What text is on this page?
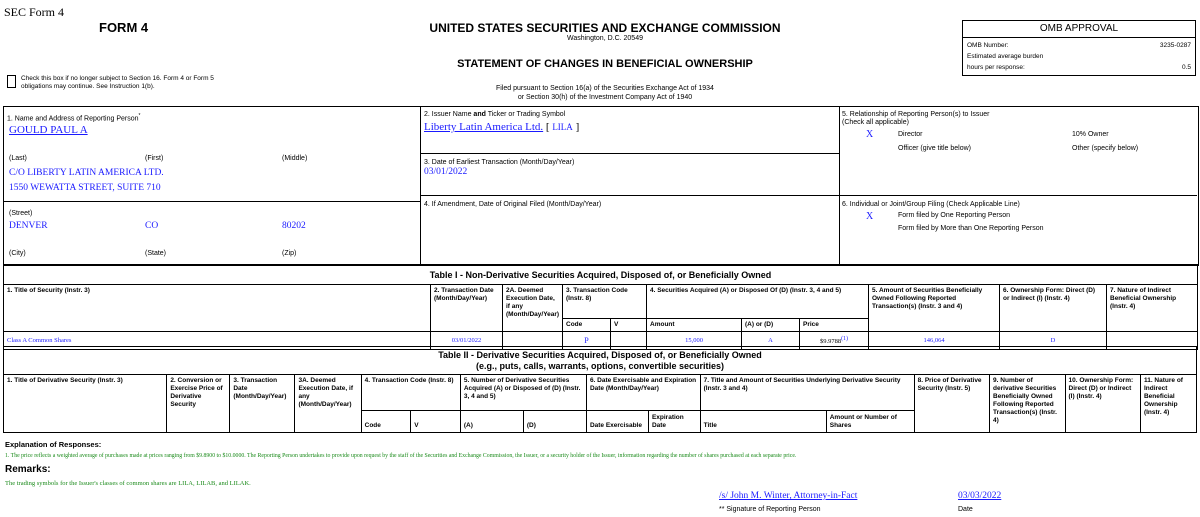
SEC Form 4
FORM 4	UNITED STATES SECURITIES AND EXCHANGE COMMISSION
Washington, D.C. 20549
STATEMENT OF CHANGES IN BENEFICIAL OWNERSHIP
Filed pursuant to Section 16(a) of the Securities Exchange Act of 1934
or Section 30(h) of the Investment Company Act of 1940
Check this box if no longer subject to Section 16. Form 4 or Form 5
obligations may continue. See Instruction 1(b).
OMB APPROVAL
OMB Number:	3235-0287
Estimated average burden
hours per response:	0.5
1. Name and Address of Reporting Person*
GOULD PAUL A
(Last)	(First)	(Middle)
C/O LIBERTY LATIN AMERICA LTD.
1550 WEWATTA STREET, SUITE 710
(Street)
DENVER	CO	80202
(City)	(State)	(Zip)
2. Issuer Name and Ticker or Trading Symbol
Liberty Latin America Ltd. [ LILA ]
3. Date of Earliest Transaction (Month/Day/Year)
03/01/2022
4. If Amendment, Date of Original Filed (Month/Day/Year)
5. Relationship of Reporting Person(s) to Issuer
(Check all applicable)
X	Director	10% Owner
Officer (give title below)	Other (specify below)
6. Individual or Joint/Group Filing (Check Applicable Line)
X	Form filed by One Reporting Person
Form filed by More than One Reporting Person
Table I - Non-Derivative Securities Acquired, Disposed of, or Beneficially Owned										
1. Title of Security (Instr. 3)	2. Transaction Date (Month/Day/Year)	2A. Deemed Execution Date, if any (Month/Day/Year)	3. Transaction Code (Instr. 8)		4. Securities Acquired (A) or Disposed Of (D) (Instr. 3, 4 and 5)			5. Amount of Securities Beneficially Owned Following Reported Transaction(s) (Instr. 3 and 4)	6. Ownership Form: Direct (D) or Indirect (I) (Instr. 4)	7. Nature of Indirect Beneficial Ownership (Instr. 4)
			Code	V	Amount	(A) or (D)	Price			
Class A Common Shares	03/01/2022		P		15,000	A	$9.9788$^{(1)}$	146,064	D	
Table II - Derivative Securities Acquired, Disposed of, or Beneficially Owned
(e.g., puts, calls, warrants, options, convertible securities)															
1. Title of Derivative Security (Instr. 3)	2. Conversion or Exercise Price of Derivative Security	3. Transaction Date (Month/Day/Year)	3A. Deemed Execution Date, if any (Month/Day/Year)	4. Transaction Code (Instr. 8)		5. Number of Derivative Securities Acquired (A) or Disposed of (D) (Instr. 3, 4 and 5)		6. Date Exercisable and Expiration Date (Month/Day/Year)		7. Title and Amount of Securities Underlying Derivative Security (Instr. 3 and 4)		8. Price of Derivative Security (Instr. 5)	9. Number of derivative Securities Beneficially Owned Following Reported Transaction(s) (Instr. 4)	10. Ownership Form: Direct (D) or Indirect (I) (Instr. 4)	11. Nature of Indirect Beneficial Ownership (Instr. 4)
				Code	V	(A)	(D)	Date Exercisable	Expiration Date	Title	Amount or Number of Shares				
Explanation of Responses:
1. The price reflects a weighted average of purchases made at prices ranging from $9.8900 to $10.0000. The Reporting Person undertakes to provide upon request by the staff of the Securities and Exchange Commission, the Issuer, or a security holder of the Issuer, information regarding the number of shares purchased at each separate price.
Remarks:
The trading symbols for the Issuer's classes of common shares are LILA, LILAB, and LILAK.
/s/ John M. Winter, Attorney-in-Fact
** Signature of Reporting Person
03/03/2022
Date
